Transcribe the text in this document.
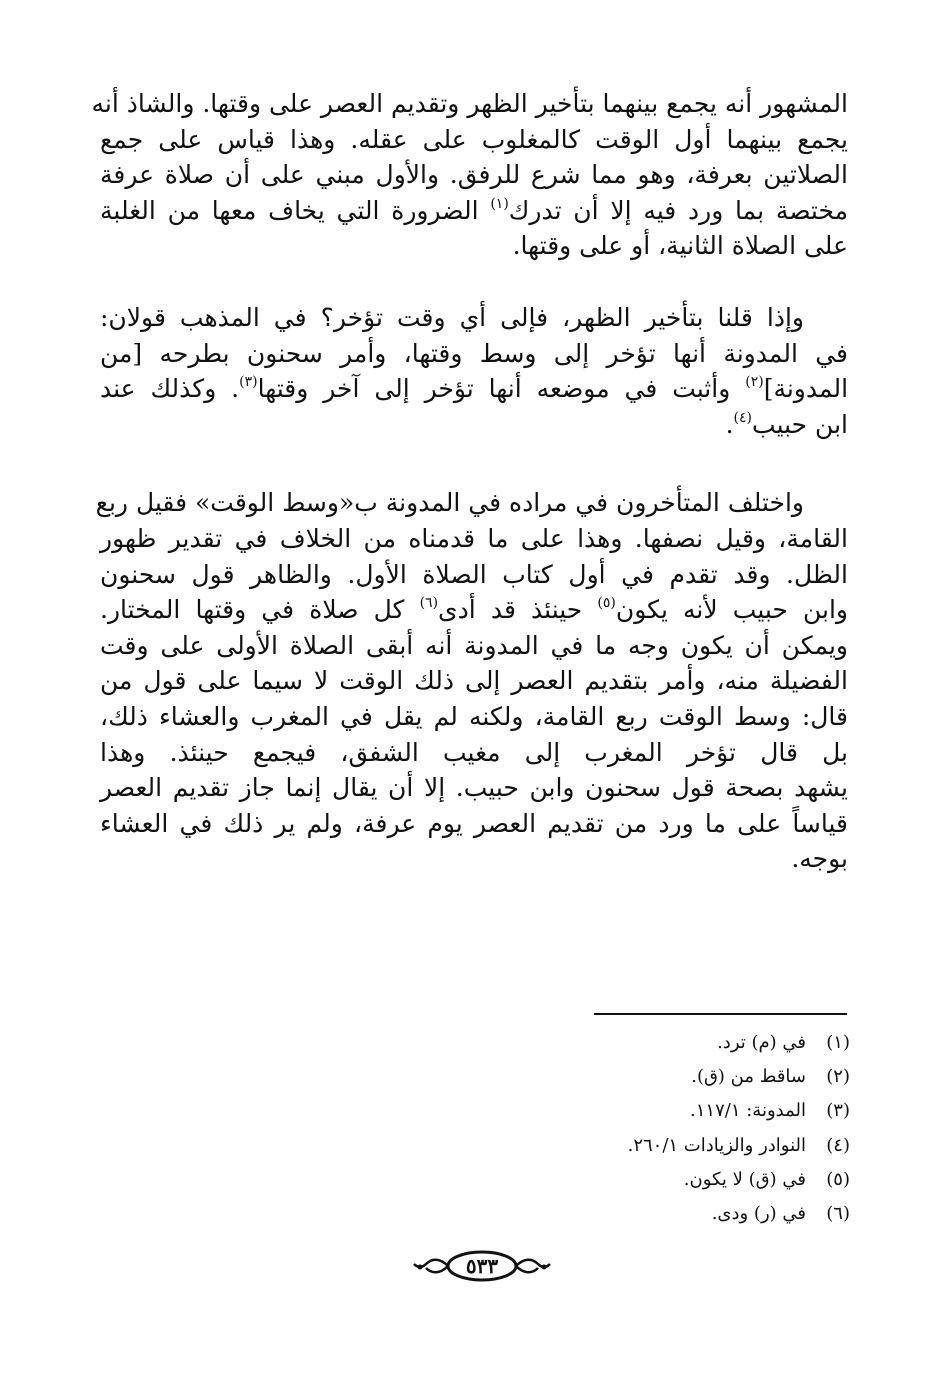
المشهور أنه يجمع بينهما بتأخير الظهر وتقديم العصر على وقتها. والشاذ أنه
يجمع بينهما أول الوقت كالمغلوب على عقله. وهذا قياس على جمع
الصلاتين بعرفة، وهو مما شرع للرفق. والأول مبني على أن صلاة عرفة
مختصة بما ورد فيه إلا أن تدرك$^{(١)}$ الضرورة التي يخاف معها من الغلبة
على الصلاة الثانية، أو على وقتها.

وإذا قلنا بتأخير الظهر، فإلى أي وقت تؤخر؟ في المذهب قولان:
في المدونة أنها تؤخر إلى وسط وقتها، وأمر سحنون بطرحه [من
المدونة]$^{(٢)}$ وأثبت في موضعه أنها تؤخر إلى آخر وقتها$^{(٣)}$. وكذلك عند
ابن حبيب$^{(٤)}$.

واختلف المتأخرون في مراده في المدونة ب«وسط الوقت» فقيل ربع
القامة، وقيل نصفها. وهذا على ما قدمناه من الخلاف في تقدير ظهور
الظل. وقد تقدم في أول كتاب الصلاة الأول. والظاهر قول سحنون
وابن حبيب لأنه يكون$^{(٥)}$ حينئذ قد أدى$^{(٦)}$ كل صلاة في وقتها المختار.
ويمكن أن يكون وجه ما في المدونة أنه أبقى الصلاة الأولى على وقت
الفضيلة منه، وأمر بتقديم العصر إلى ذلك الوقت لا سيما على قول من
قال: وسط الوقت ربع القامة، ولكنه لم يقل في المغرب والعشاء ذلك،
بل قال تؤخر المغرب إلى مغيب الشفق، فيجمع حينئذ. وهذا
يشهد بصحة قول سحنون وابن حبيب. إلا أن يقال إنما جاز تقديم العصر
قياساً على ما ورد من تقديم العصر يوم عرفة، ولم ير ذلك في العشاء
بوجه.

(١)في (م) ترد.
(٢)ساقط من (ق).
(٣)المدونة: ١١٧/١.
(٤)النوادر والزيادات ٢٦٠/١.
(٥)في (ق) لا يكون.
(٦)في (ر) ودى.
٥٣٣
